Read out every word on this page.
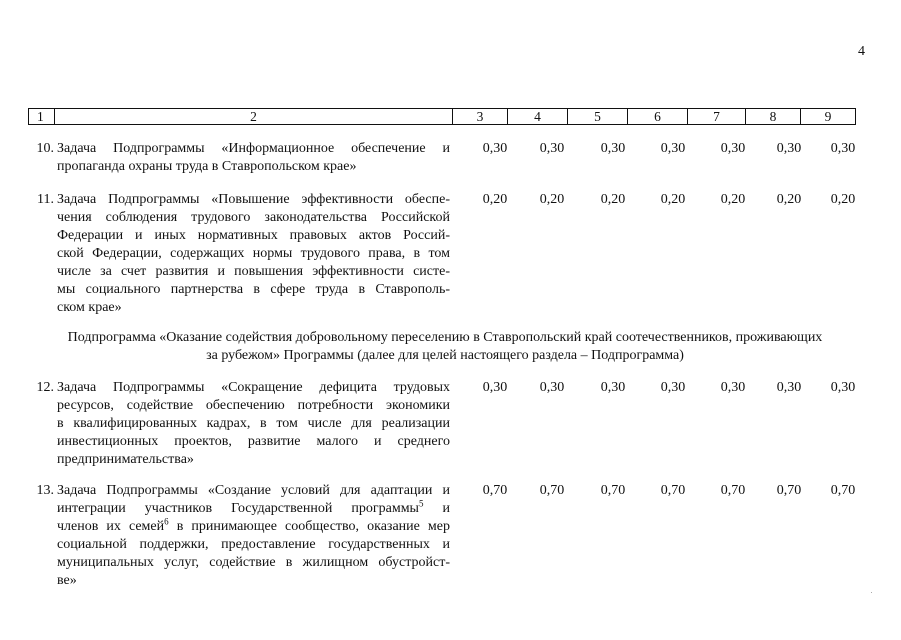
4
1	2	3	4	5	6	7	8	9
10. Задача Подпрограммы «Информационное обеспечение и
пропаганда охраны труда в Ставропольском крае»
0,30	0,30	0,30	0,30	0,30	0,30	0,30
11. Задача Подпрограммы «Повышение эффективности обеспе-
чения соблюдения трудового законодательства Российской
Федерации и иных нормативных правовых актов Россий-
ской Федерации, содержащих нормы трудового права, в том
числе за счет развития и повышения эффективности систе-
мы социального партнерства в сфере труда в Ставрополь-
ском крае»
0,20	0,20	0,20	0,20	0,20	0,20	0,20
Подпрограмма «Оказание содействия добровольному переселению в Ставропольский край соотечественников, проживающих
за рубежом» Программы (далее для целей настоящего раздела – Подпрограмма)
12. Задача Подпрограммы «Сокращение дефицита трудовых
ресурсов, содействие обеспечению потребности экономики
в квалифицированных кадрах, в том числе для реализации
инвестиционных проектов, развитие малого и среднего
предпринимательства»
0,30	0,30	0,30	0,30	0,30	0,30	0,30
13. Задача Подпрограммы «Создание условий для адаптации и
интеграции участников Государственной программы$^5$ и
членов их семей$^6$ в принимающее сообщество, оказание мер
социальной поддержки, предоставление государственных и
муниципальных услуг, содействие в жилищном обустройст-
ве»
0,70	0,70	0,70	0,70	0,70	0,70	0,70
